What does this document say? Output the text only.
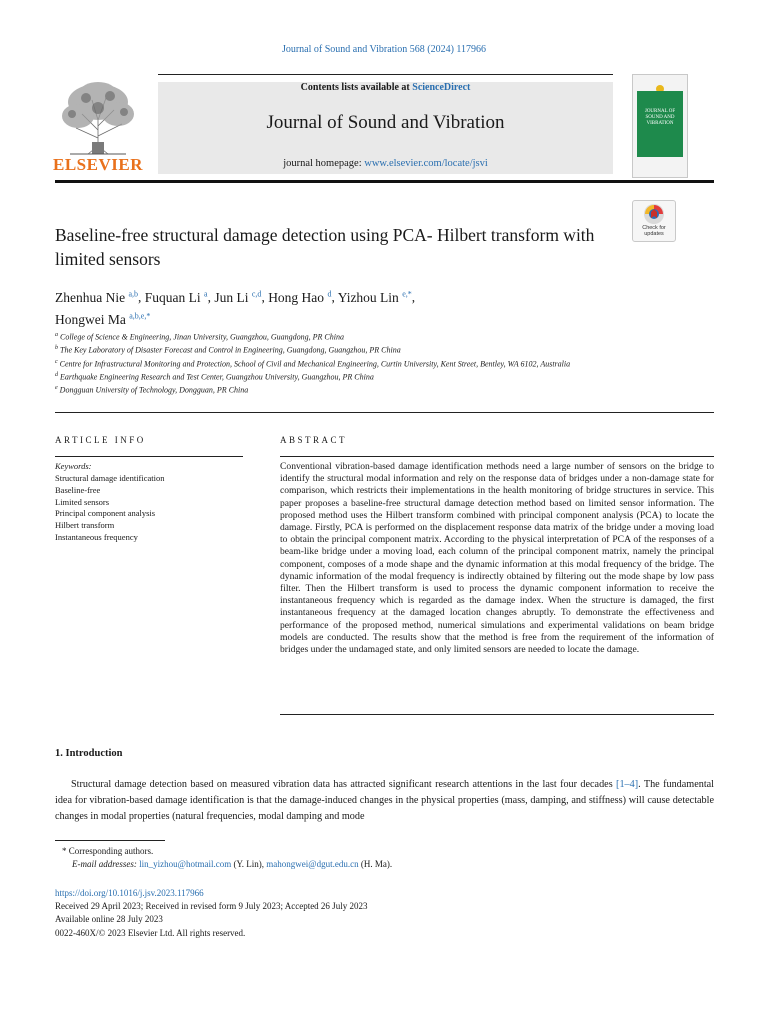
Journal of Sound and Vibration 568 (2024) 117966
ELSEVIER
Contents lists available at ScienceDirect
Journal of Sound and Vibration
journal homepage: www.elsevier.com/locate/jsvi
JOURNAL OF SOUND AND VIBRATION
Baseline-free structural damage detection using PCA- Hilbert transform with limited sensors
Check for updates
Zhenhua Nie $^{a,b}$, Fuquan Li $^a$, Jun Li $^{c,d}$, Hong Hao $^d$, Yizhou Lin $^{e,*}$,
Hongwei Ma $^{a,b,e,*}$
$^a$ College of Science & Engineering, Jinan University, Guangzhou, Guangdong, PR China
$^b$ The Key Laboratory of Disaster Forecast and Control in Engineering, Guangdong, Guangzhou, PR China
$^c$ Centre for Infrastructural Monitoring and Protection, School of Civil and Mechanical Engineering, Curtin University, Kent Street, Bentley, WA 6102, Australia
$^d$ Earthquake Engineering Research and Test Center, Guangzhou University, Guangzhou, PR China
$^e$ Dongguan University of Technology, Dongguan, PR China
ARTICLE INFO
Keywords:
Structural damage identification
Baseline-free
Limited sensors
Principal component analysis
Hilbert transform
Instantaneous frequency
ABSTRACT
Conventional vibration-based damage identification methods need a large number of sensors on the bridge to identify the structural modal information and rely on the response data of bridges under a non-damage state for comparison, which restricts their implementations in the health monitoring of bridge structures in service. This paper proposes a baseline-free structural damage detection method based on limited sensor information. The proposed method uses the Hilbert transform combined with principal component analysis (PCA) to locate the damage. Firstly, PCA is performed on the displacement response data matrix of the bridge under a moving load to obtain the principal component matrix. According to the physical interpretation of PCA of the responses of a beam-like bridge under a moving load, each column of the principal component matrix, namely the principal component, composes of a mode shape and the dynamic information at this modal frequency of the bridge. The dynamic information of the modal frequency is indirectly obtained by filtering out the mode shape by low pass filter. Then the Hilbert transform is used to process the dynamic component information to receive the instantaneous frequency which is regarded as the damage index. When the structure is damaged, the first instantaneous frequency at the damaged location changes abruptly. To demonstrate the effectiveness and performance of the proposed method, numerical simulations and experimental validations on beam bridge models are conducted. The results show that the method is free from the requirement of the information of bridges under the undamaged state, and only limited sensors are needed to locate the damage.
1. Introduction
Structural damage detection based on measured vibration data has attracted significant research attentions in the last four decades [1–4]. The fundamental idea for vibration-based damage identification is that the damage-induced changes in the physical properties (mass, damping, and stiffness) will cause detectable changes in modal properties (natural frequencies, modal damping and mode
* Corresponding authors.
E-mail addresses: lin_yizhou@hotmail.com (Y. Lin), mahongwei@dgut.edu.cn (H. Ma).
https://doi.org/10.1016/j.jsv.2023.117966
Received 29 April 2023; Received in revised form 9 July 2023; Accepted 26 July 2023
Available online 28 July 2023
0022-460X/© 2023 Elsevier Ltd. All rights reserved.
